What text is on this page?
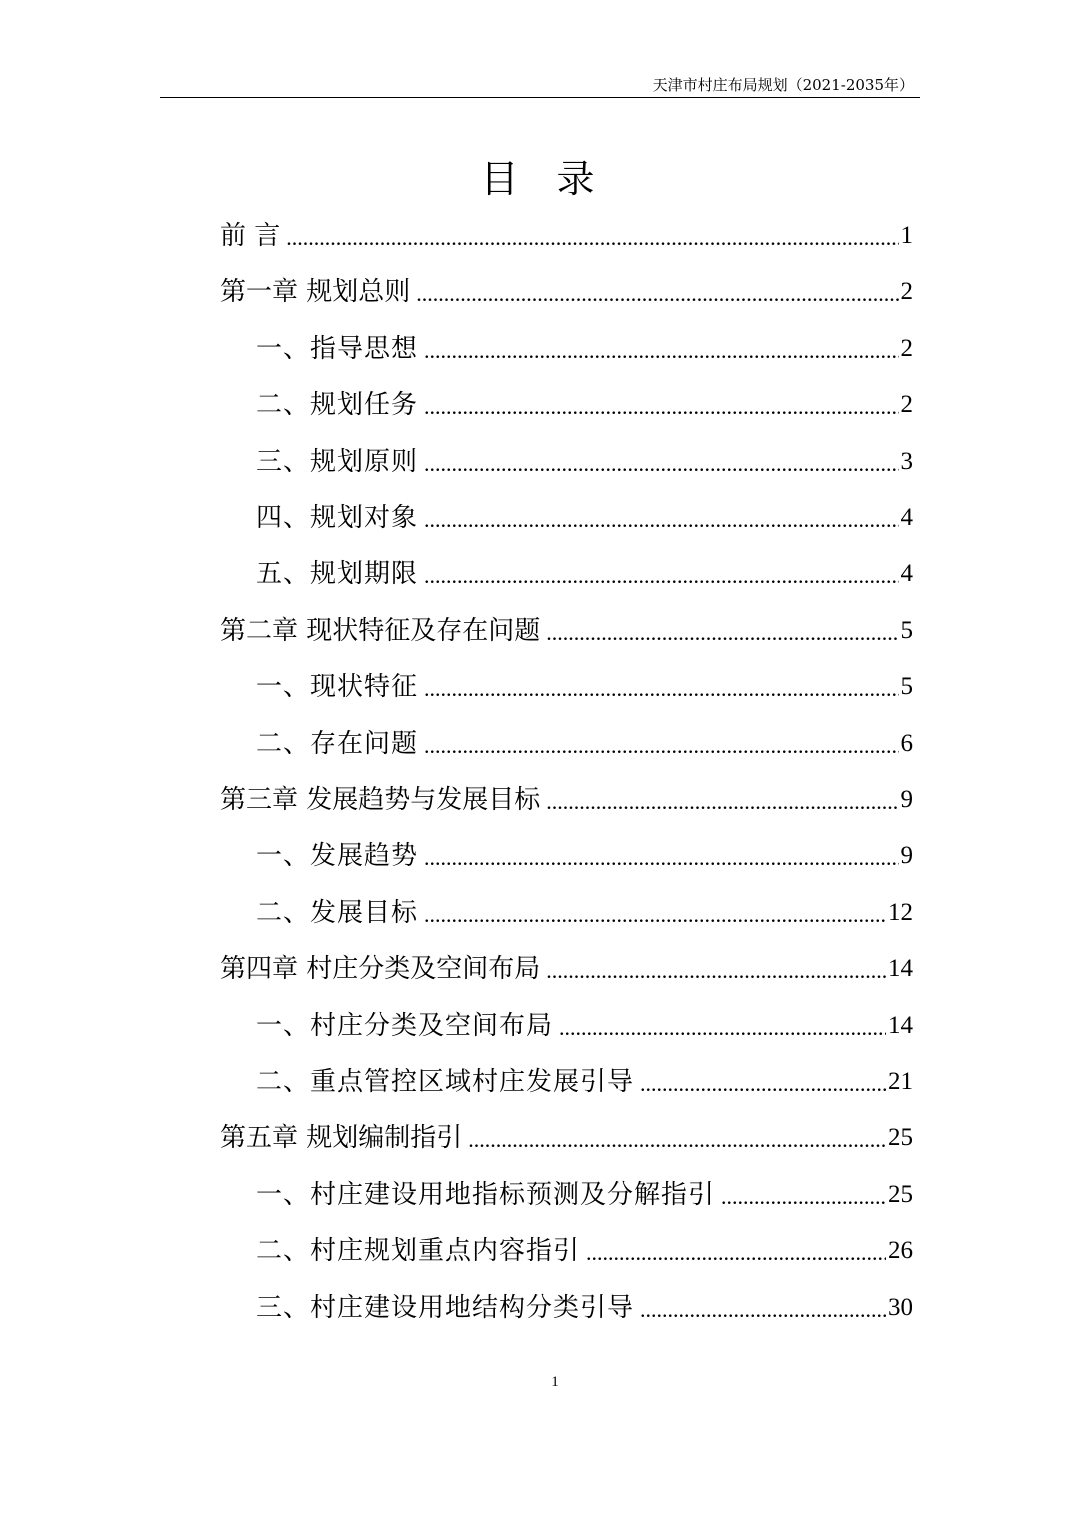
天津市村庄布局规划（2021-2035年）
目　录
前 言 .....	1
第一章 规划总则 .....	2
一、指导思想 .....	2
二、规划任务 .....	2
三、规划原则 .....	3
四、规划对象 .....	4
五、规划期限 .....	4
第二章 现状特征及存在问题 .....	5
一、现状特征 .....	5
二、存在问题 .....	6
第三章 发展趋势与发展目标 .....	9
一、发展趋势 .....	9
二、发展目标 .....	12
第四章 村庄分类及空间布局 .....	14
一、村庄分类及空间布局 .....	14
二、重点管控区域村庄发展引导 .....	21
第五章 规划编制指引 .....	25
一、村庄建设用地指标预测及分解指引 .....	25
二、村庄规划重点内容指引 .....	26
三、村庄建设用地结构分类引导 .....	30
1
